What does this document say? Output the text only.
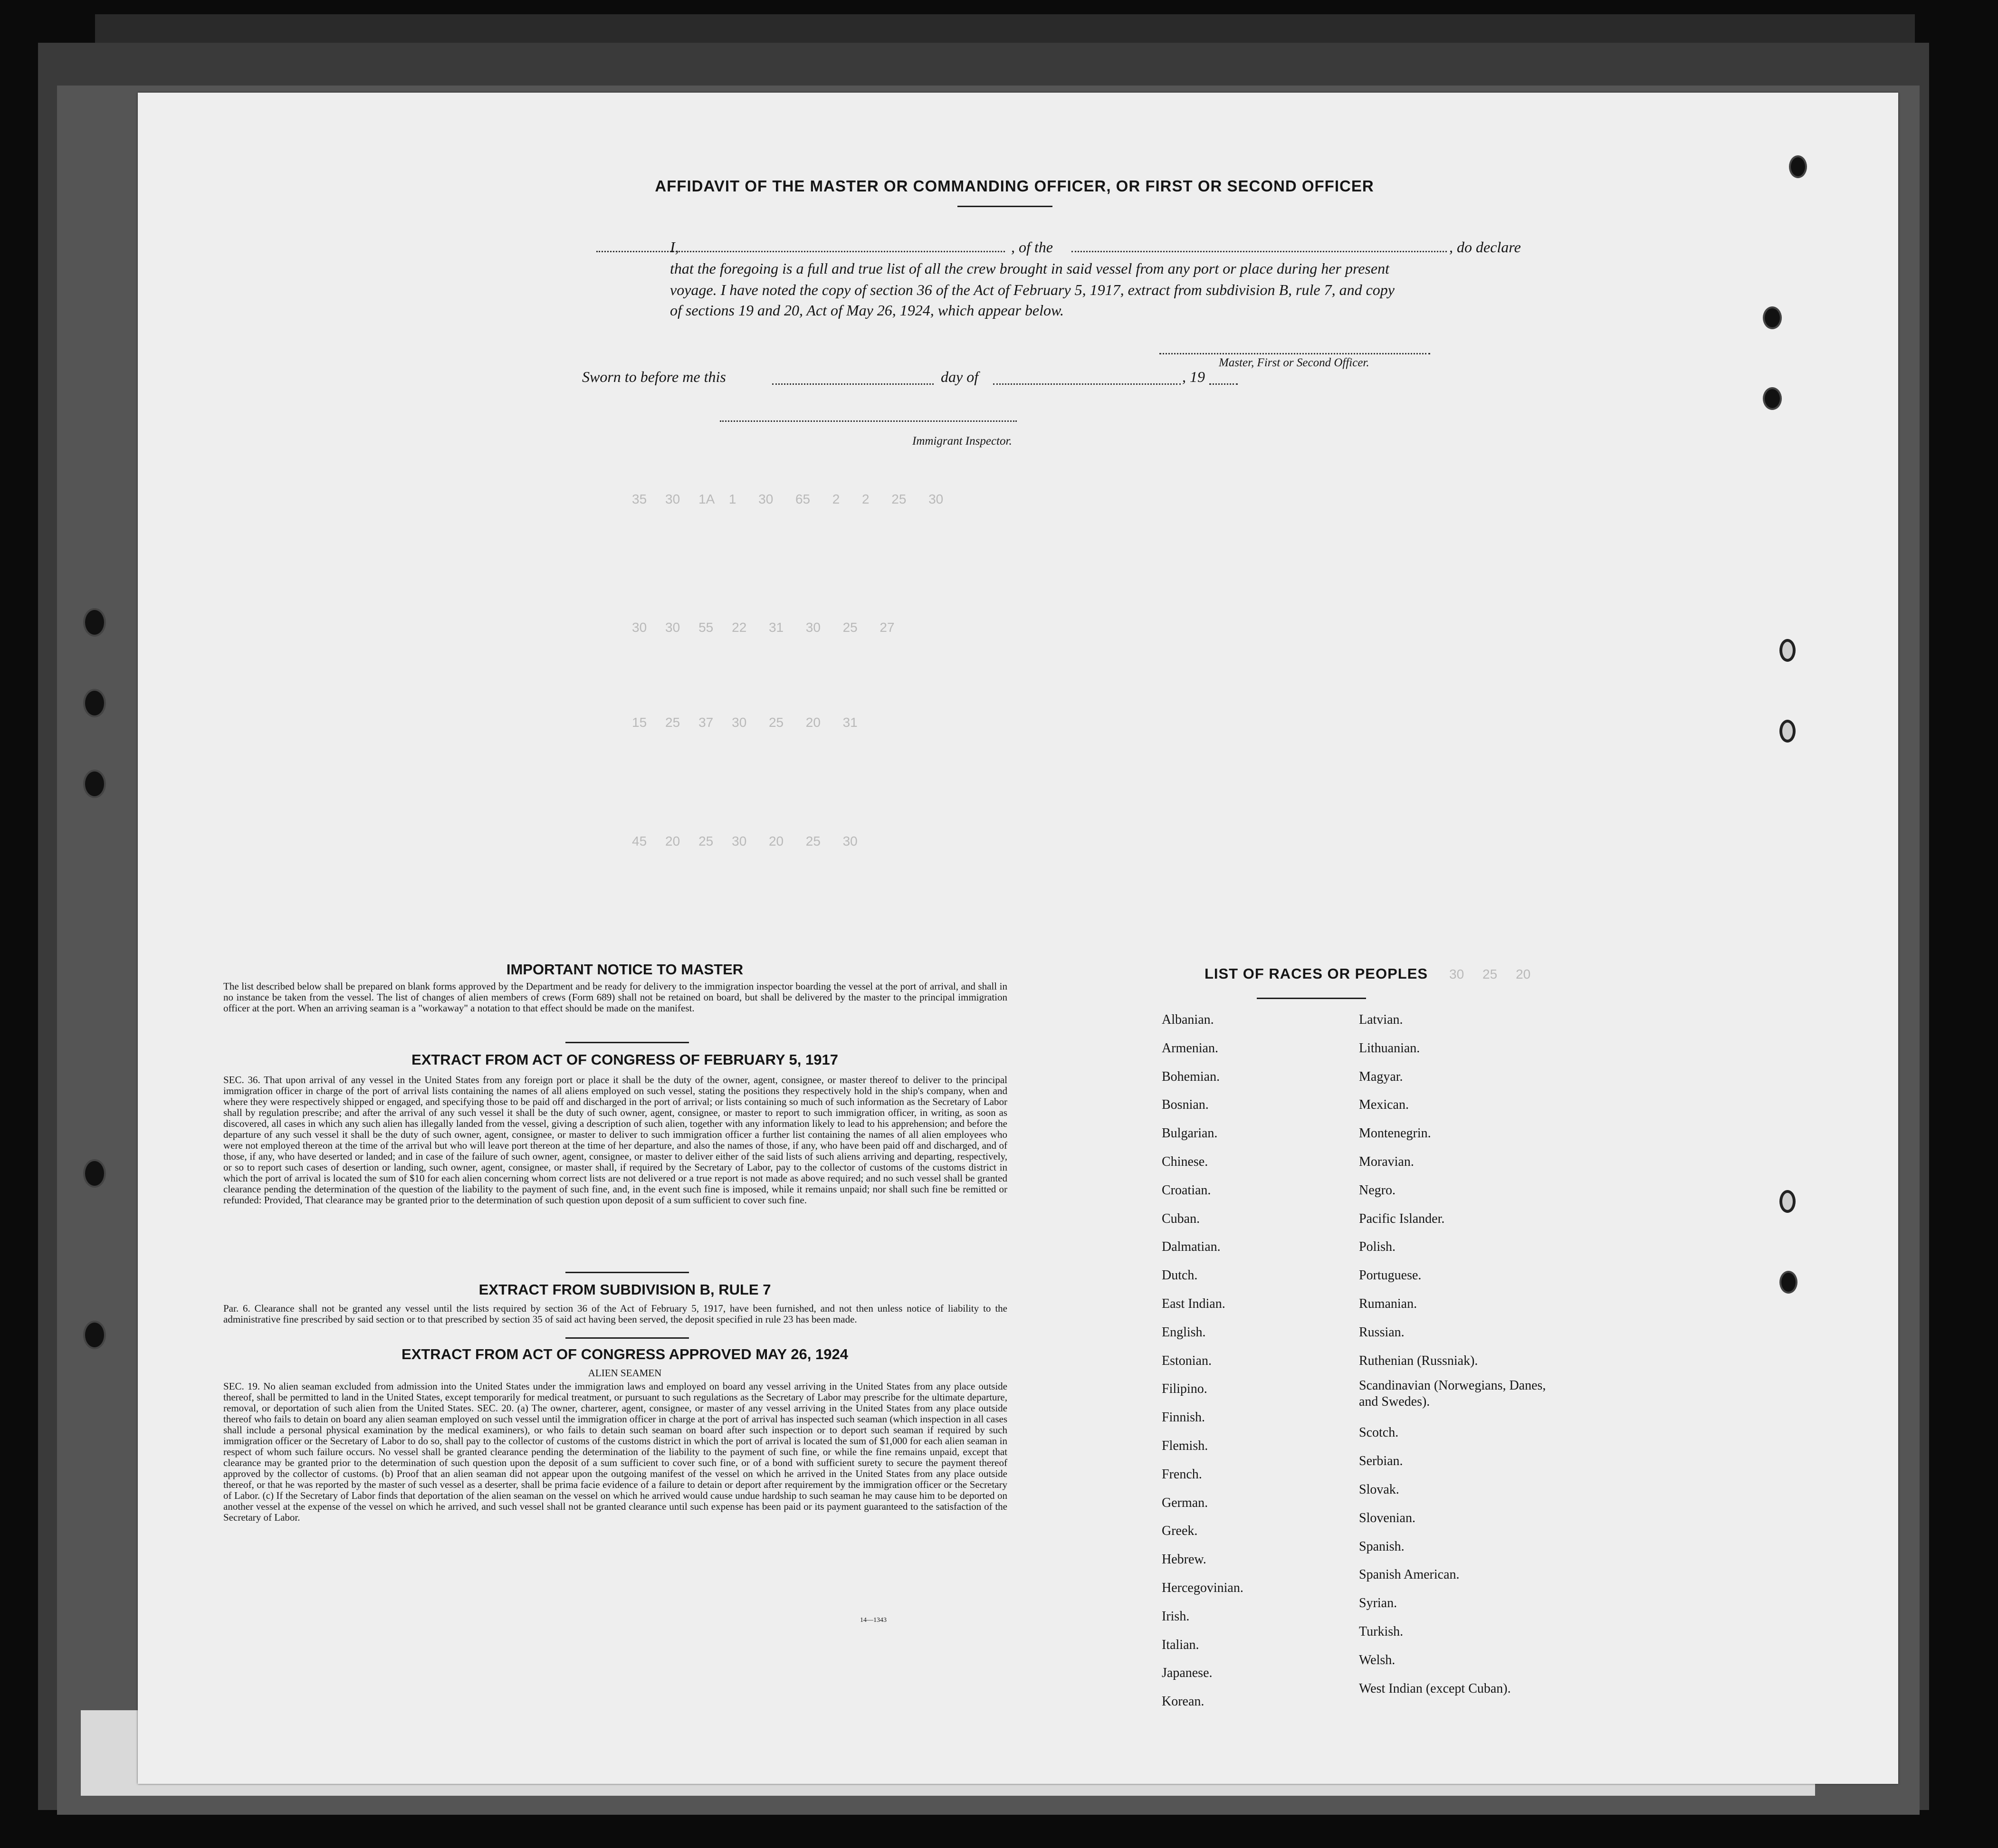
35     30     1A    1      30      65      2      2      25      30
30     30     55     22      31      30      25      27
15     25     37     30      25      20      31
45     20     25     30      20      25      30
30     25     20
AFFIDAVIT OF THE MASTER OR COMMANDING OFFICER, OR FIRST OR SECOND OFFICER
I,	, of the	, do declare
that the foregoing is a full and true list of all the crew brought in said vessel from any port or place during her present
voyage. I have noted the copy of section 36 of the Act of February 5, 1917, extract from subdivision B, rule 7, and copy
of sections 19 and 20, Act of May 26, 1924, which appear below.
Master, First or Second Officer.
Sworn to before me this	day of	, 19
Immigrant Inspector.
IMPORTANT NOTICE TO MASTER
The list described below shall be prepared on blank forms approved by the Department and be ready for delivery to the immigration inspector boarding the vessel at the port of arrival, and shall in no instance be taken from the vessel. The list of changes of alien members of crews (Form 689) shall not be retained on board, but shall be delivered by the master to the principal immigration officer at the port. When an arriving seaman is a "workaway" a notation to that effect should be made on the manifest.
EXTRACT FROM ACT OF CONGRESS OF FEBRUARY 5, 1917
SEC. 36. That upon arrival of any vessel in the United States from any foreign port or place it shall be the duty of the owner, agent, consignee, or master thereof to deliver to the principal immigration officer in charge of the port of arrival lists containing the names of all aliens employed on such vessel, stating the positions they respectively hold in the ship's company, when and where they were respectively shipped or engaged, and specifying those to be paid off and discharged in the port of arrival; or lists containing so much of such information as the Secretary of Labor shall by regulation prescribe; and after the arrival of any such vessel it shall be the duty of such owner, agent, consignee, or master to report to such immigration officer, in writing, as soon as discovered, all cases in which any such alien has illegally landed from the vessel, giving a description of such alien, together with any information likely to lead to his apprehension; and before the departure of any such vessel it shall be the duty of such owner, agent, consignee, or master to deliver to such immigration officer a further list containing the names of all alien employees who were not employed thereon at the time of the arrival but who will leave port thereon at the time of her departure, and also the names of those, if any, who have been paid off and discharged, and of those, if any, who have deserted or landed; and in case of the failure of such owner, agent, consignee, or master to deliver either of the said lists of such aliens arriving and departing, respectively, or so to report such cases of desertion or landing, such owner, agent, consignee, or master shall, if required by the Secretary of Labor, pay to the collector of customs of the customs district in which the port of arrival is located the sum of $10 for each alien concerning whom correct lists are not delivered or a true report is not made as above required; and no such vessel shall be granted clearance pending the determination of the question of the liability to the payment of such fine, and, in the event such fine is imposed, while it remains unpaid; nor shall such fine be remitted or refunded: Provided, That clearance may be granted prior to the determination of such question upon deposit of a sum sufficient to cover such fine.
EXTRACT FROM SUBDIVISION B, RULE 7
Par. 6. Clearance shall not be granted any vessel until the lists required by section 36 of the Act of February 5, 1917, have been furnished, and not then unless notice of liability to the administrative fine prescribed by said section or to that prescribed by section 35 of said act having been served, the deposit specified in rule 23 has been made.
EXTRACT FROM ACT OF CONGRESS APPROVED MAY 26, 1924
ALIEN SEAMEN
SEC. 19. No alien seaman excluded from admission into the United States under the immigration laws and employed on board any vessel arriving in the United States from any place outside thereof, shall be permitted to land in the United States, except temporarily for medical treatment, or pursuant to such regulations as the Secretary of Labor may prescribe for the ultimate departure, removal, or deportation of such alien from the United States. SEC. 20. (a) The owner, charterer, agent, consignee, or master of any vessel arriving in the United States from any place outside thereof who fails to detain on board any alien seaman employed on such vessel until the immigration officer in charge at the port of arrival has inspected such seaman (which inspection in all cases shall include a personal physical examination by the medical examiners), or who fails to detain such seaman on board after such inspection or to deport such seaman if required by such immigration officer or the Secretary of Labor to do so, shall pay to the collector of customs of the customs district in which the port of arrival is located the sum of $1,000 for each alien seaman in respect of whom such failure occurs. No vessel shall be granted clearance pending the determination of the liability to the payment of such fine, or while the fine remains unpaid, except that clearance may be granted prior to the determination of such question upon the deposit of a sum sufficient to cover such fine, or of a bond with sufficient surety to secure the payment thereof approved by the collector of customs. (b) Proof that an alien seaman did not appear upon the outgoing manifest of the vessel on which he arrived in the United States from any place outside thereof, or that he was reported by the master of such vessel as a deserter, shall be prima facie evidence of a failure to detain or deport after requirement by the immigration officer or the Secretary of Labor. (c) If the Secretary of Labor finds that deportation of the alien seaman on the vessel on which he arrived would cause undue hardship to such seaman he may cause him to be deported on another vessel at the expense of the vessel on which he arrived, and such vessel shall not be granted clearance until such expense has been paid or its payment guaranteed to the satisfaction of the Secretary of Labor.
14—1343
LIST OF RACES OR PEOPLES
Albanian.
Armenian.
Bohemian.
Bosnian.
Bulgarian.
Chinese.
Croatian.
Cuban.
Dalmatian.
Dutch.
East Indian.
English.
Estonian.
Filipino.
Finnish.
Flemish.
French.
German.
Greek.
Hebrew.
Hercegovinian.
Irish.
Italian.
Japanese.
Korean.
Latvian.
Lithuanian.
Magyar.
Mexican.
Montenegrin.
Moravian.
Negro.
Pacific Islander.
Polish.
Portuguese.
Rumanian.
Russian.
Ruthenian (Russniak).
Scandinavian (Norwegians, Danes, and Swedes).
Scotch.
Serbian.
Slovak.
Slovenian.
Spanish.
Spanish American.
Syrian.
Turkish.
Welsh.
West Indian (except Cuban).
